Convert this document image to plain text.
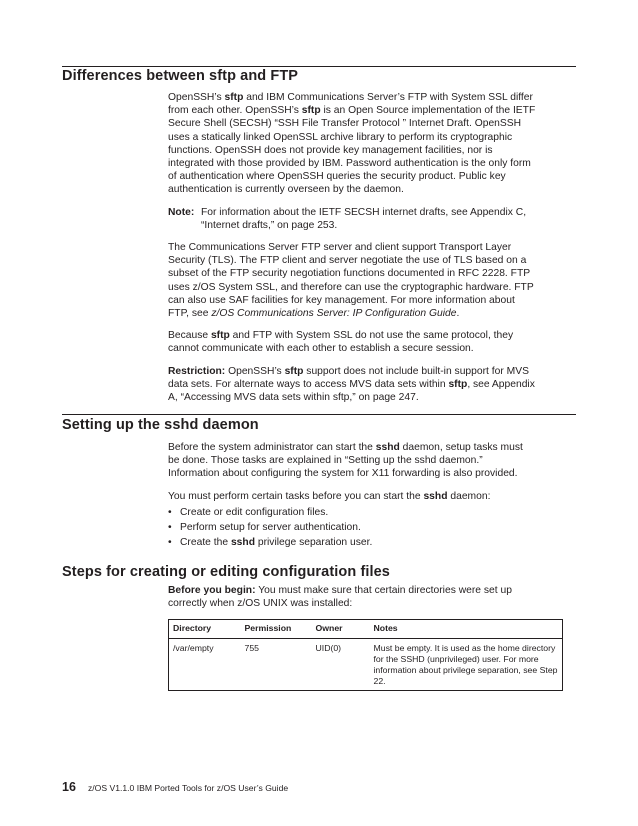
Differences between sftp and FTP

OpenSSH’s sftp and IBM Communications Server’s FTP with System SSL differ from each other. OpenSSH’s sftp is an Open Source implementation of the IETF Secure Shell (SECSH) “SSH File Transfer Protocol ” Internet Draft. OpenSSH uses a statically linked OpenSSL archive library to perform its cryptographic functions. OpenSSH does not provide key management facilities, nor is integrated with those provided by IBM. Password authentication is the only form of authentication where OpenSSH queries the security product. Public key authentication is currently overseen by the daemon.

Note: For information about the IETF SECSH internet drafts, see Appendix C, “Internet drafts,” on page 253.

The Communications Server FTP server and client support Transport Layer Security (TLS). The FTP client and server negotiate the use of TLS based on a subset of the FTP security negotiation functions documented in RFC 2228. FTP uses z/OS System SSL, and therefore can use the cryptographic hardware. FTP can also use SAF facilities for key management. For more information about FTP, see z/OS Communications Server: IP Configuration Guide.

Because sftp and FTP with System SSL do not use the same protocol, they cannot communicate with each other to establish a secure session.

Restriction: OpenSSH’s sftp support does not include built-in support for MVS data sets. For alternate ways to access MVS data sets within sftp, see Appendix A, “Accessing MVS data sets within sftp,” on page 247.

Setting up the sshd daemon

Before the system administrator can start the sshd daemon, setup tasks must be done. Those tasks are explained in “Setting up the sshd daemon.” Information about configuring the system for X11 forwarding is also provided.

You must perform certain tasks before you can start the sshd daemon:

• Create or edit configuration files.
• Perform setup for server authentication.
• Create the sshd privilege separation user.
Steps for creating or editing configuration files

Before you begin: You must make sure that certain directories were set up correctly when z/OS UNIX was installed:

Directory	Permission	Owner	Notes
/var/empty	755	UID(0)	Must be empty. It is used as the home directory for the SSHD (unprivileged) user. For more information about privilege separation, see Step 22.
16	z/OS V1.1.0 IBM Ported Tools for z/OS User’s Guide
